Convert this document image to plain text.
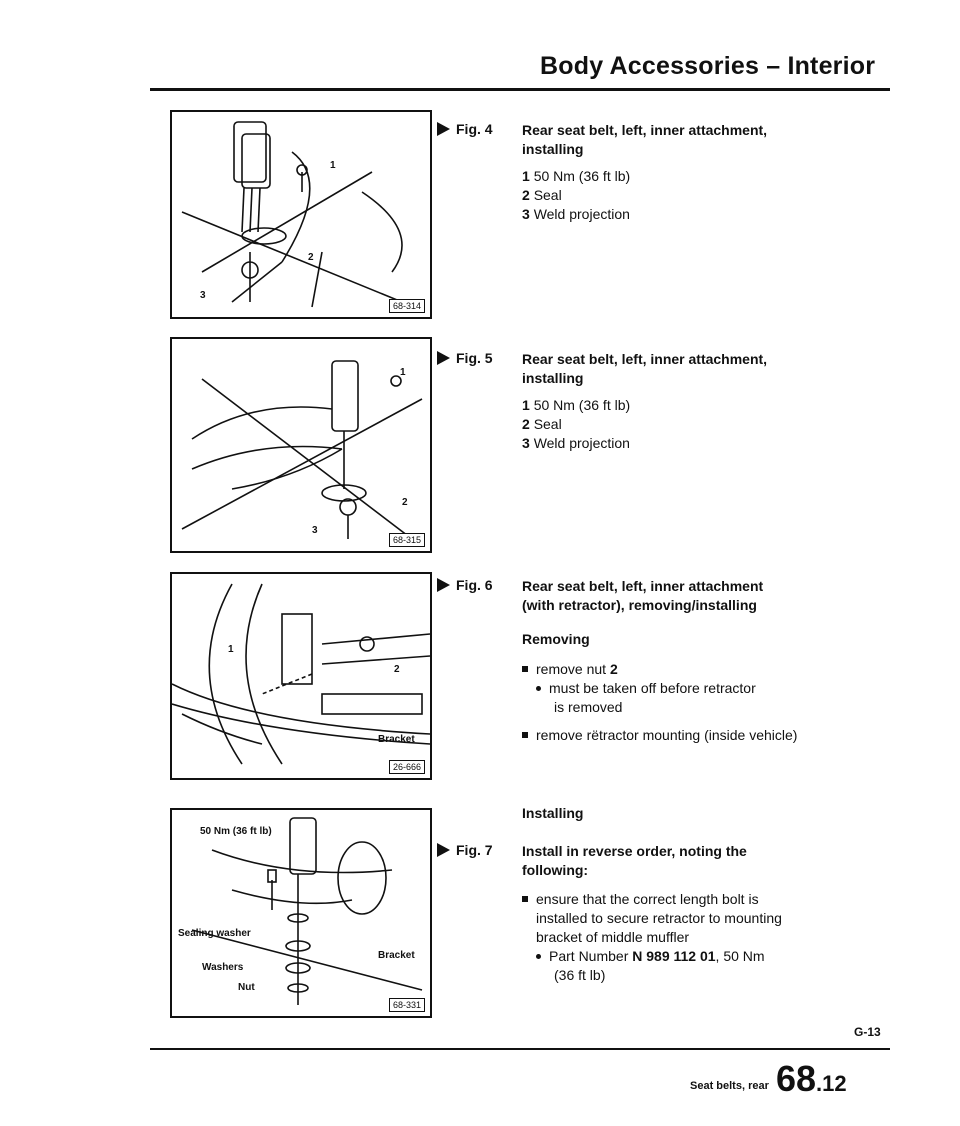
Body Accessories – Interior
1
2
3
68-314
1
2
3
68-315
1
2
Bracket
26-666
50 Nm (36 ft lb)
Sealing washer
Washers
Nut
Bracket
68-331
Fig. 4 Rear seat belt, left, inner attachment,
installing
1 50 Nm (36 ft lb)
2 Seal
3 Weld projection
Fig. 5 Rear seat belt, left, inner attachment,
installing
1 50 Nm (36 ft lb)
2 Seal
3 Weld projection
Fig. 6 Rear seat belt, left, inner attachment
(with retractor), removing/installing
Removing
remove nut 2
must be taken off before retractor
is removed
remove rëtractor mounting (inside vehicle)
Installing
Fig. 7 Install in reverse order, noting the
following:
ensure that the correct length bolt is
installed to secure retractor to mounting
bracket of middle muffler
Part Number N 989 112 01, 50 Nm
(36 ft lb)
G-13
Seat belts, rear 68.12
